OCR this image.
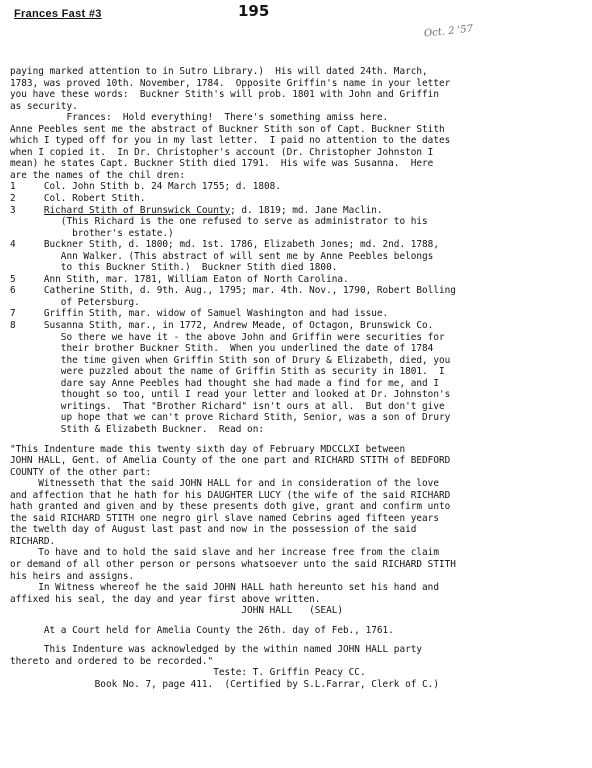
Frances Fast #3	195
Oct. 2 '57
paying marked attention to in Sutro Library.)  His will dated 24th. March,
1783, was proved 10th. November, 1784.  Opposite Griffin's name in your letter
you have these words:  Buckner Stith's will prob. 1801 with John and Griffin
as security.
Frances:  Hold everything!  There's something amiss here.
Anne Peebles sent me the abstract of Buckner Stith son of Capt. Buckner Stith
which I typed off for you in my last letter.  I paid no attention to the dates
when I copied it.  In Dr. Christopher's account (Dr. Christopher Johnston I
mean) he states Capt. Buckner Stith died 1791.  His wife was Susanna.  Here
are the names of the chil dren:
1     Col. John Stith b. 24 March 1755; d. 1808.
2     Col. Robert Stith.
3     Richard Stith of Brunswick County; d. 1819; md. Jane Maclin.
(This Richard is the one refused to serve as administrator to his
brother's estate.)
4     Buckner Stith, d. 1800; md. 1st. 1786, Elizabeth Jones; md. 2nd. 1788,
Ann Walker. (This abstract of will sent me by Anne Peebles belongs
to this Buckner Stith.)  Buckner Stith died 1800.
5     Ann Stith, mar. 1781, William Eaton of North Carolina.
6     Catherine Stith, d. 9th. Aug., 1795; mar. 4th. Nov., 1790, Robert Bolling
of Petersburg.
7     Griffin Stith, mar. widow of Samuel Washington and had issue.
8     Susanna Stith, mar., in 1772, Andrew Meade, of Octagon, Brunswick Co.
So there we have it - the above John and Griffin were securities for
their brother Buckner Stith.  When you underlined the date of 1784
the time given when Griffin Stith son of Drury & Elizabeth, died, you
were puzzled about the name of Griffin Stith as security in 1801.  I
dare say Anne Peebles had thought she had made a find for me, and I
thought so too, until I read your letter and looked at Dr. Johnston's
writings.  That "Brother Richard" isn't ours at all.  But don't give
up hope that we can't prove Richard Stith, Senior, was a son of Drury
Stith & Elizabeth Buckner.  Read on:
"This Indenture made this twenty sixth day of February MDCCLXI between
JOHN HALL, Gent. of Amelia County of the one part and RICHARD STITH of BEDFORD
COUNTY of the other part:
Witnesseth that the said JOHN HALL for and in consideration of the love
and affection that he hath for his DAUGHTER LUCY (the wife of the said RICHARD
hath granted and given and by these presents doth give, grant and confirm unto
the said RICHARD STITH one negro girl slave named Cebrins aged fifteen years
the twelth day of August last past and now in the possession of the said
RICHARD.
To have and to hold the said slave and her increase free from the claim
or demand of all other person or persons whatsoever unto the said RICHARD STITH
his heirs and assigns.
In Witness whereof he the said JOHN HALL hath hereunto set his hand and
affixed his seal, the day and year first above written.
JOHN HALL   (SEAL)
At a Court held for Amelia County the 26th. day of Feb., 1761.
This Indenture was acknowledged by the within named JOHN HALL party
thereto and ordered to be recorded."
Teste: T. Griffin Peacy CC.
Book No. 7, page 411.  (Certified by S.L.Farrar, Clerk of C.)
